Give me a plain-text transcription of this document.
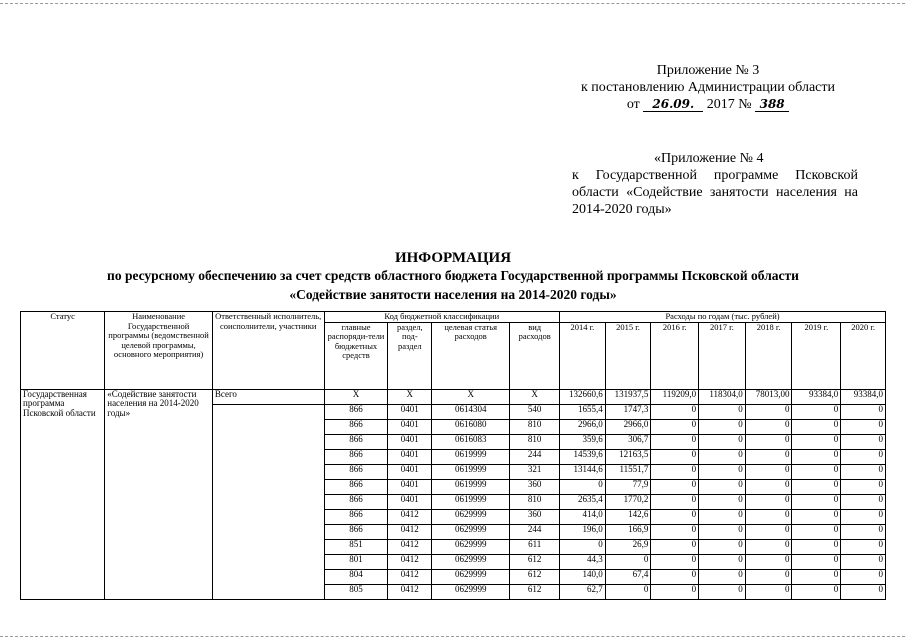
Приложение № 3
к постановлению Администрации области
от 26.09. 2017 № 388
«Приложение № 4
к Государственной программе Псковской области «Содействие занятости населения на 2014-2020 годы»
ИНФОРМАЦИЯ
по ресурсному обеспечению за счет средств областного бюджета Государственной программы Псковской области
«Содействие занятости населения на 2014-2020 годы»
Статус	Наименование Государственной программы (ведомственной целевой программы, основного мероприятия)	Ответственный исполнитель, соисполнители, участники	Код бюджетной классификации				Расходы по годам (тыс. рублей)						
			главные распоряди-тели бюджетных средств	раздел, под-раздел	целевая статья расходов	вид расходов	2014 г.	2015 г.	2016 г.	2017 г.	2018 г.	2019 г.	2020 г.
Государственная программа Псковской области	«Содействие занятости населения на 2014-2020 годы»	Всего	X	X	X	X	132660,6	131937,5	119209,0	118304,0	78013,00	93384,0	93384,0
			866	0401	0614304	540	1655,4	1747,3	0	0	0	0	0
			866	0401	0616080	810	2966,0	2966,0	0	0	0	0	0
			866	0401	0616083	810	359,6	306,7	0	0	0	0	0
			866	0401	0619999	244	14539,6	12163,5	0	0	0	0	0
			866	0401	0619999	321	13144,6	11551,7	0	0	0	0	0
			866	0401	0619999	360	0	77,9	0	0	0	0	0
			866	0401	0619999	810	2635,4	1770,2	0	0	0	0	0
			866	0412	0629999	360	414,0	142,6	0	0	0	0	0
			866	0412	0629999	244	196,0	166,9	0	0	0	0	0
			851	0412	0629999	611	0	26,9	0	0	0	0	0
			801	0412	0629999	612	44,3	0	0	0	0	0	0
			804	0412	0629999	612	140,0	67,4	0	0	0	0	0
			805	0412	0629999	612	62,7	0	0	0	0	0	0
